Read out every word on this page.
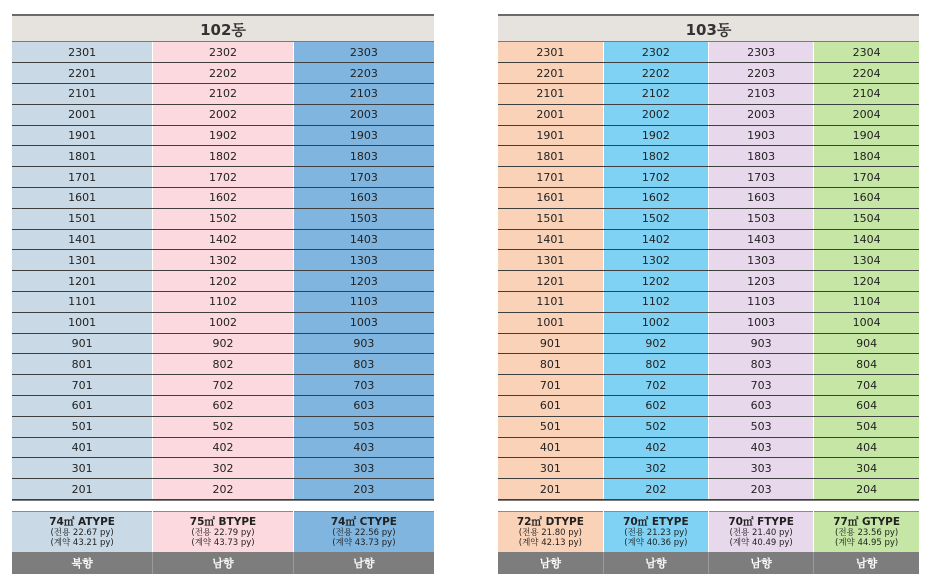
102동
2301	2302	2303
2201	2202	2203
2101	2102	2103
2001	2002	2003
1901	1902	1903
1801	1802	1803
1701	1702	1703
1601	1602	1603
1501	1502	1503
1401	1402	1403
1301	1302	1303
1201	1202	1203
1101	1102	1103
1001	1002	1003
901	902	903
801	802	803
701	702	703
601	602	603
501	502	503
401	402	403
301	302	303
201	202	203
74㎡ ATYPE
(전용 22.67 py)
(계약 43.21 py)

75㎡ BTYPE
(전용 22.79 py)
(계약 43.73 py)

74㎡ CTYPE
(전용 22.56 py)
(계약 43.73 py)
북향	남향	남향
103동
2301	2302	2303	2304
2201	2202	2203	2204
2101	2102	2103	2104
2001	2002	2003	2004
1901	1902	1903	1904
1801	1802	1803	1804
1701	1702	1703	1704
1601	1602	1603	1604
1501	1502	1503	1504
1401	1402	1403	1404
1301	1302	1303	1304
1201	1202	1203	1204
1101	1102	1103	1104
1001	1002	1003	1004
901	902	903	904
801	802	803	804
701	702	703	704
601	602	603	604
501	502	503	504
401	402	403	404
301	302	303	304
201	202	203	204
72㎡ DTYPE
(전용 21.80 py)
(계약 42.13 py)

70㎡ ETYPE
(전용 21.23 py)
(계약 40.36 py)

70㎡ FTYPE
(전용 21.40 py)
(계약 40.49 py)

77㎡ GTYPE
(전용 23.56 py)
(계약 44.95 py)
남향	남향	남향	남향
